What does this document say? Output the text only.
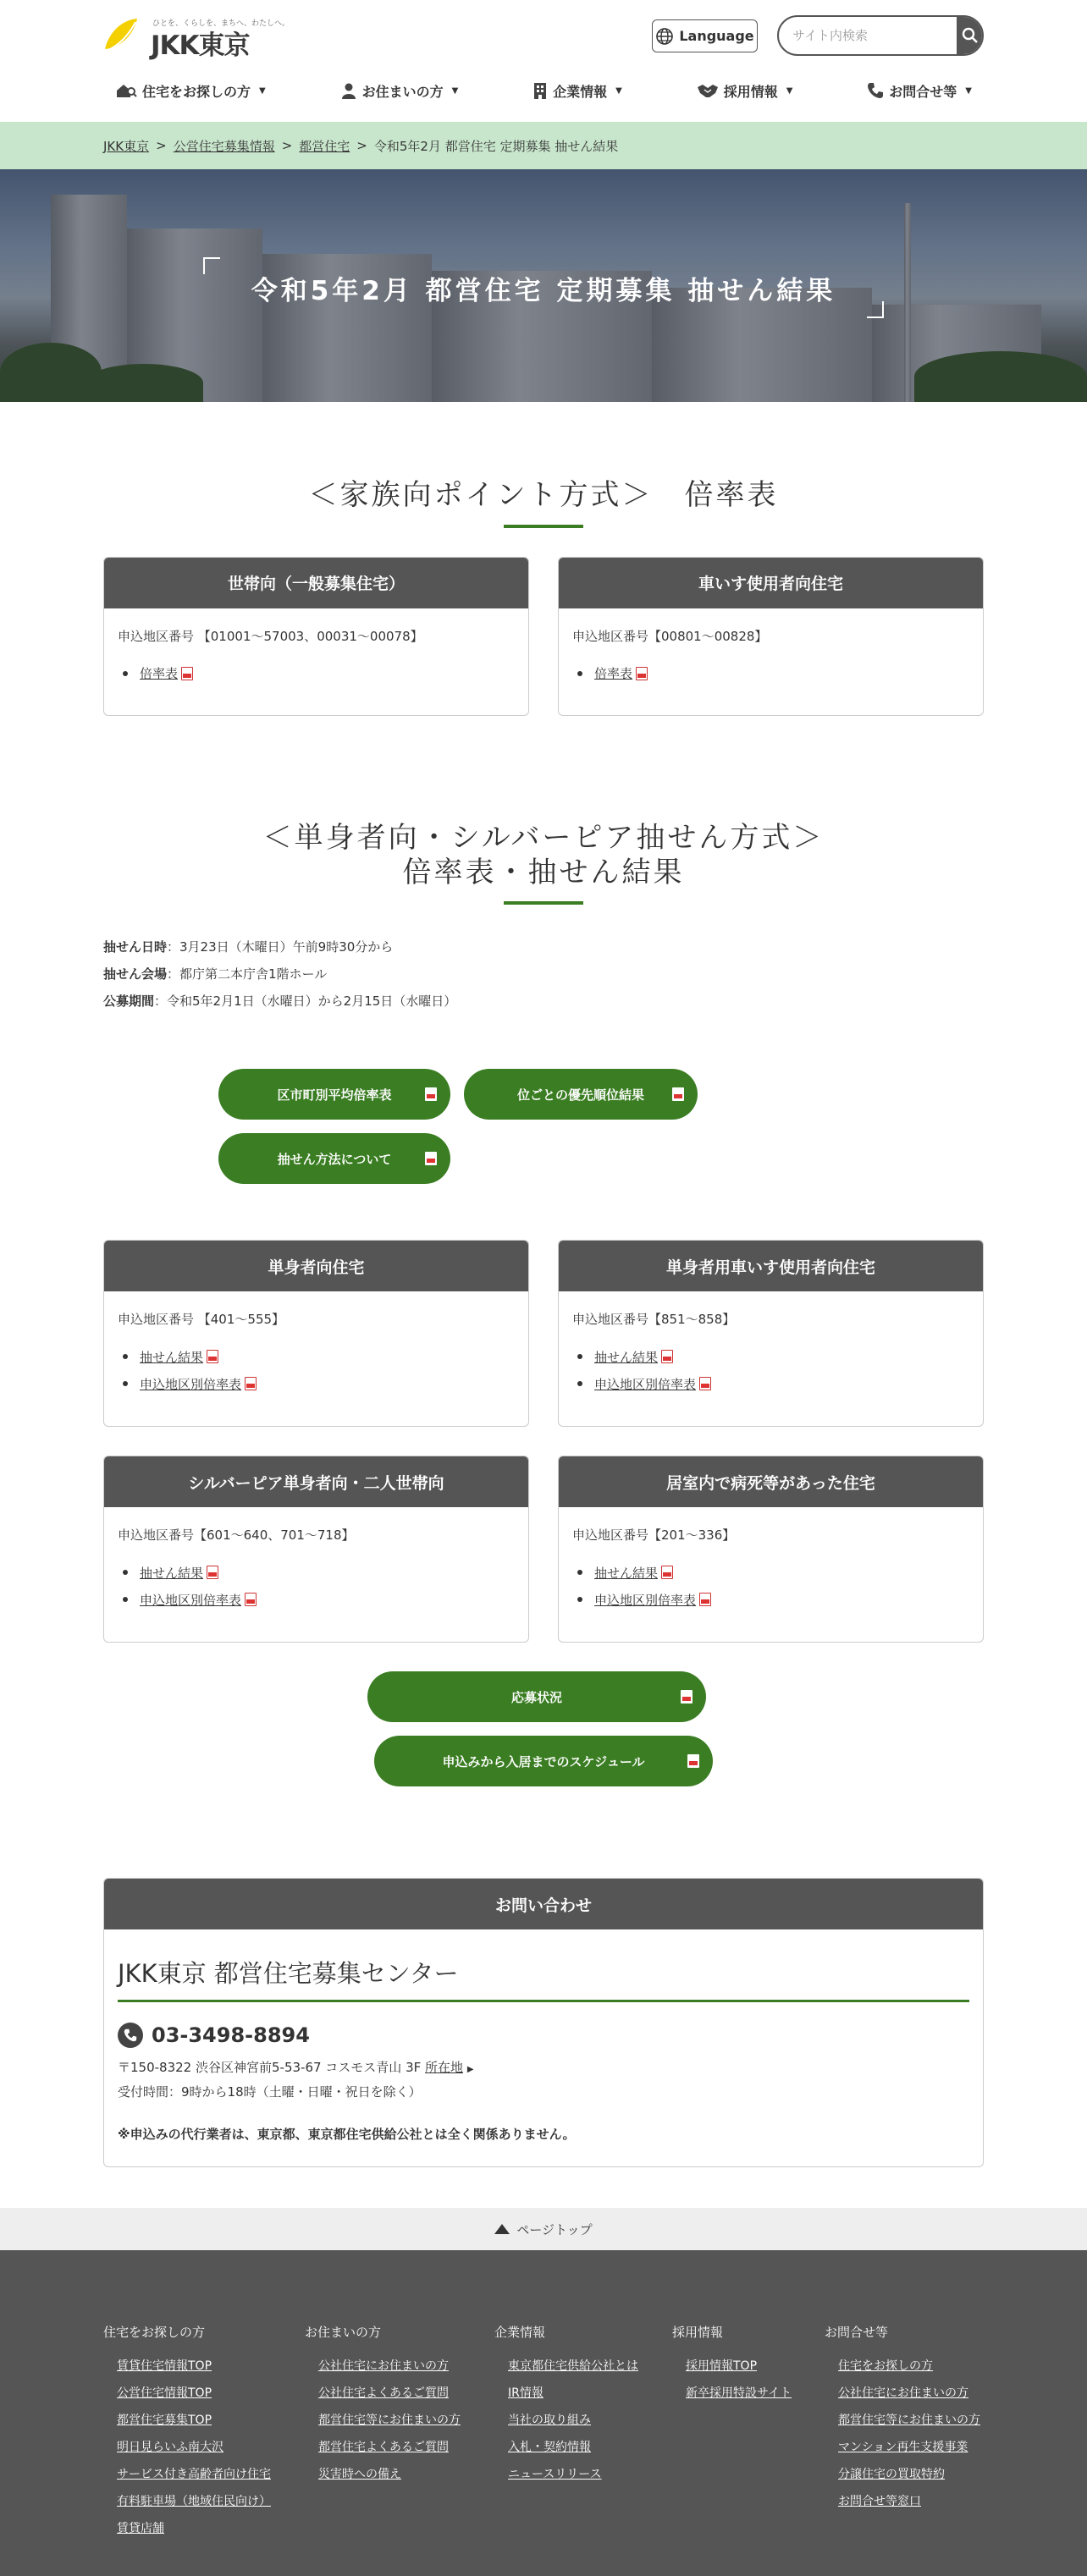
ひとを、くらしを、まちへ、わたしへ。
JKK東京	Language
サイト内検索
住宅をお探しの方 ▼	お住まいの方 ▼	企業情報 ▼	採用情報 ▼	お問合せ等 ▼
JKK東京 > 公営住宅募集情報 > 都営住宅 > 令和5年2月 都営住宅 定期募集 抽せん結果
令和5年2月 都営住宅 定期募集 抽せん結果
＜家族向ポイント方式＞　倍率表
世帯向（一般募集住宅）

申込地区番号 【01001〜57003、00031〜00078】

倍率表
車いす使用者向住宅

申込地区番号【00801〜00828】

倍率表
＜単身者向・シルバーピア抽せん方式＞
倍率表・抽せん結果

抽せん日時：3月23日（木曜日）午前9時30分から

抽せん会場：都庁第二本庁舎1階ホール

公募期間：令和5年2月1日（水曜日）から2月15日（水曜日）

区市町別平均倍率表	位ごとの優先順位結果
抽せん方法について
単身者向住宅

申込地区番号 【401〜555】

抽せん結果
申込地区別倍率表
単身者用車いす使用者向住宅

申込地区番号【851〜858】

抽せん結果
申込地区別倍率表
シルバーピア単身者向・二人世帯向

申込地区番号【601〜640、701〜718】

抽せん結果
申込地区別倍率表
居室内で病死等があった住宅

申込地区番号【201〜336】

抽せん結果
申込地区別倍率表
応募状況
申込みから入居までのスケジュール
お問い合わせ
JKK東京 都営住宅募集センター
03-3498-8894
〒150-8322 渋谷区神宮前5-53-67 コスモス青山 3F 所在地 ▶
受付時間：9時から18時（土曜・日曜・祝日を除く）

※申込みの代行業者は、東京都、東京都住宅供給公社とは全く関係ありません。

ページトップ

住宅をお探しの方

賃貸住宅情報TOP
公営住宅情報TOP
都営住宅募集TOP
明日見らいふ南大沢
サービス付き高齢者向け住宅
有料駐車場（地域住民向け）
賃貸店舗

お住まいの方

公社住宅にお住まいの方
公社住宅よくあるご質問
都営住宅等にお住まいの方
都営住宅よくあるご質問
災害時への備え

企業情報

東京都住宅供給公社とは
IR情報
当社の取り組み
入札・契約情報
ニュースリリース

採用情報

採用情報TOP
新卒採用特設サイト

お問合せ等

住宅をお探しの方
公社住宅にお住まいの方
都営住宅等にお住まいの方
マンション再生支援事業
分譲住宅の買取特約
お問合せ等窓口
